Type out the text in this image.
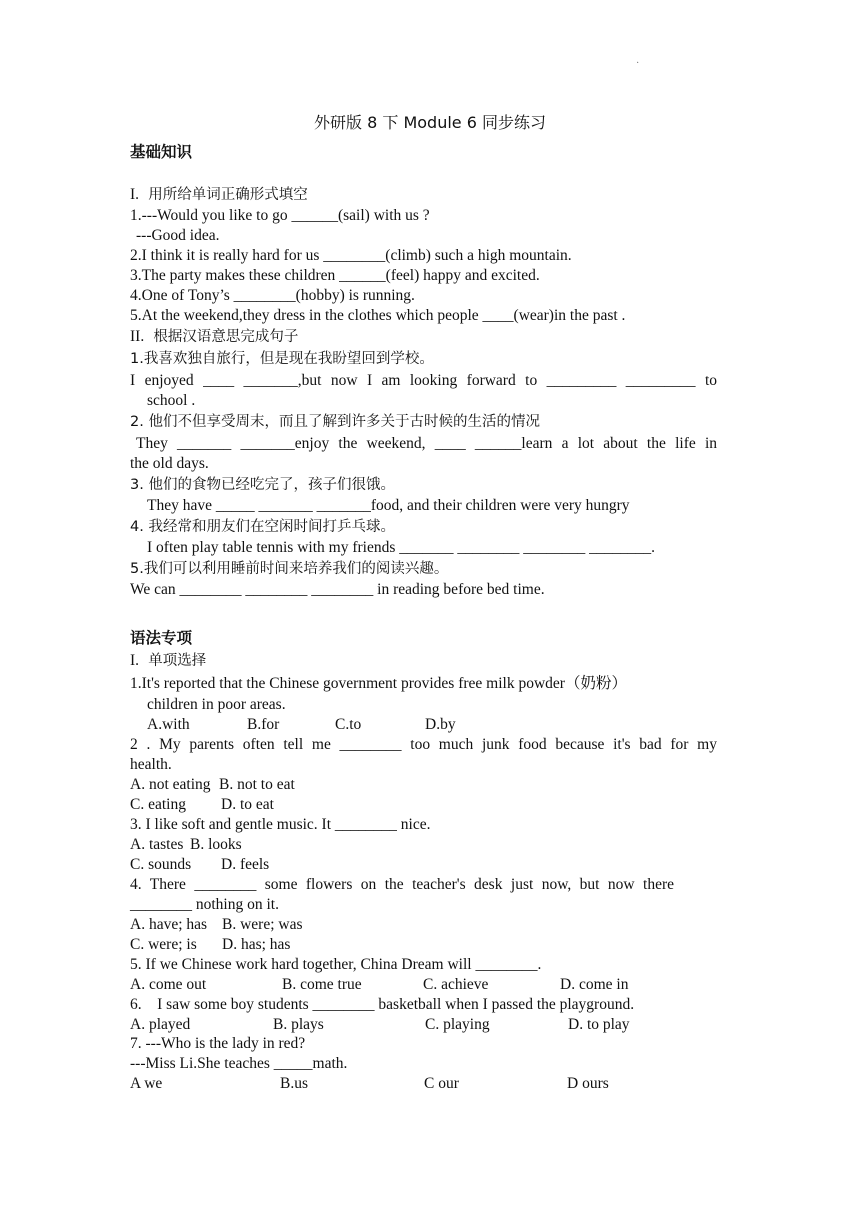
·
外研版 8 下 Module 6 同步练习
基础知识
I. 用所给单词正确形式填空
1.---Would you like to go ______(sail) with us ?
---Good idea.
2.I think it is really hard for us ________(climb) such a high mountain.
3.The party makes these children ______(feel) happy and excited.
4.One of Tony’s ________(hobby) is running.
5.At the weekend,they dress in the clothes which people ____(wear)in the past .
II. 根据汉语意思完成句子
1.我喜欢独自旅行，但是现在我盼望回到学校。
I enjoyed ____ _______,but now I am looking forward to _________ _________ to
school .
2. 他们不但享受周末，而且了解到许多关于古时候的生活的情况
They _______ _______enjoy the weekend, ____ ______learn a lot about the life in
the old days.
3. 他们的食物已经吃完了，孩子们很饿。
They have _____ _______ _______food, and their children were very hungry
4. 我经常和朋友们在空闲时间打乒乓球。
I often play table tennis with my friends _______ ________ ________ ________.
5.我们可以利用睡前时间来培养我们的阅读兴趣。
We can ________ ________ ________ in reading before bed time.
语法专项
I. 单项选择
1.It's reported that the Chinese government provides free milk powder（奶粉）
children in poor areas.
A.with	B.for	C.to	D.by
2 . My parents often tell me ________ too much junk food because it's bad for my
health.
A. not eating B. not to eat
C. eating D. to eat
3. I like soft and gentle music. It ________ nice.
A. tastes B. looks
C. sounds D. feels
4. There ________ some flowers on the teacher's desk just now, but now there
________ nothing on it.
A. have; has B. were; was
C. were; is D. has; has
5. If we Chinese work hard together, China Dream will ________.
A. come out	B. come true	C. achieve	D. come in
6.    I saw some boy students ________ basketball when I passed the playground.
A. played	B. plays	C. playing	D. to play
7. ---Who is the lady in red?
---Miss Li.She teaches _____math.
A we	B.us	C our	D ours
